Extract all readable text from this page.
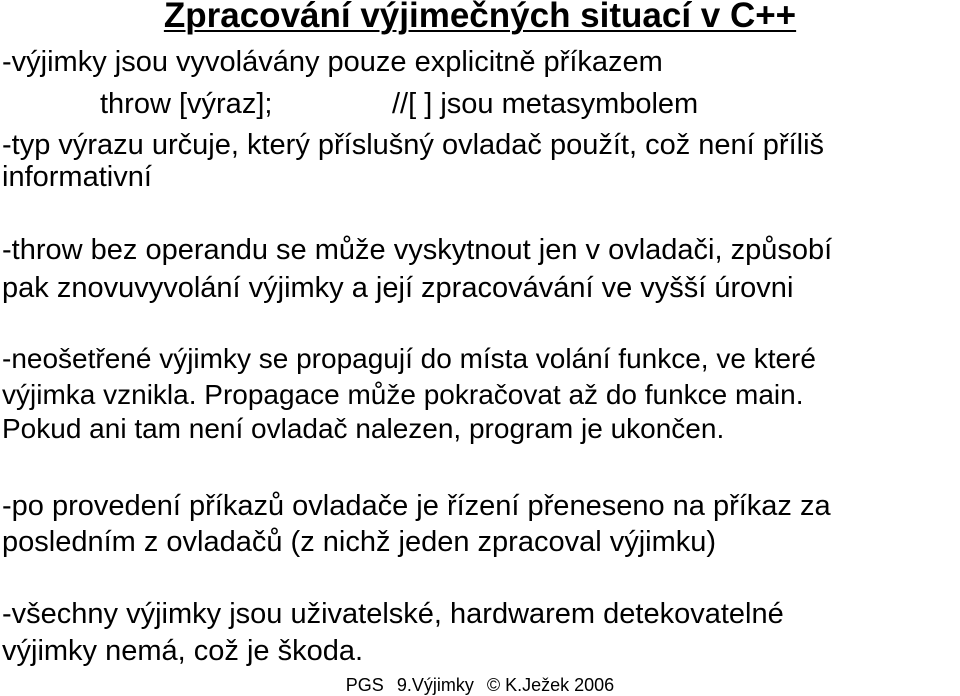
Zpracování výjimečných situací v C++
-výjimky jsou vyvolávány pouze explicitně příkazem
throw [výraz];	//[ ] jsou metasymbolem
-typ výrazu určuje, který příslušný ovladač použít, což není příliš
informativní
-throw bez operandu se může vyskytnout jen v ovladači, způsobí
pak znovuvyvolání výjimky a její zpracovávání ve vyšší úrovni
-neošetřené výjimky se propagují do místa volání funkce, ve které
výjimka vznikla. Propagace může pokračovat až do funkce main.
Pokud ani tam není ovladač nalezen, program je ukončen.
-po provedení příkazů ovladače je řízení přeneseno na příkaz za
posledním z ovladačů (z nichž jeden zpracoval výjimku)
-všechny výjimky jsou uživatelské, hardwarem detekovatelné
výjimky nemá, což je škoda.
PGS 9.Výjimky © K.Ježek 2006
